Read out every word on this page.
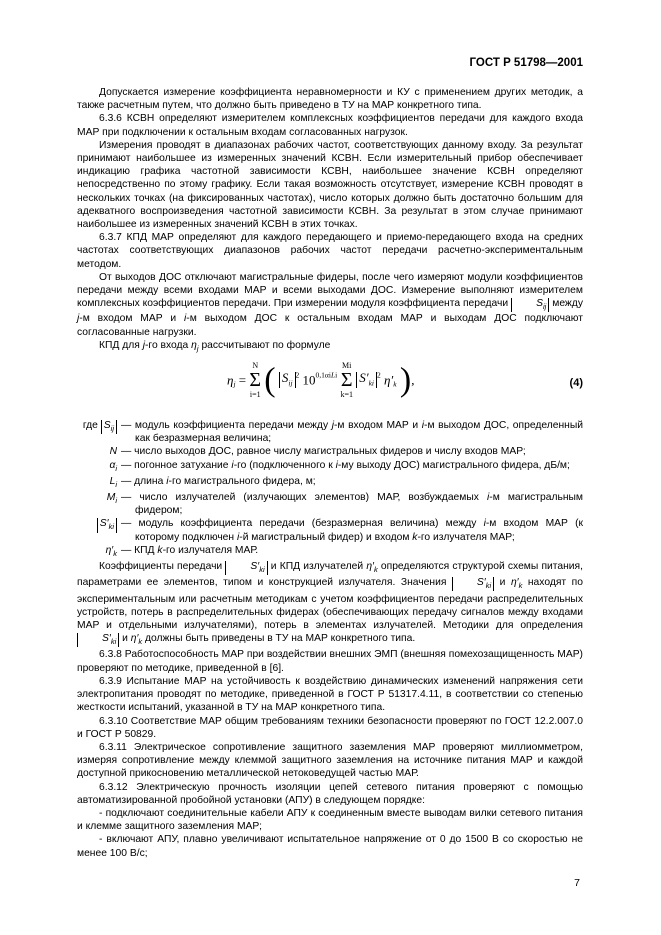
ГОСТ Р 51798—2001

Допускается измерение коэффициента неравномерности и КУ с применением других методик, а также расчетным путем, что должно быть приведено в ТУ на МАР конкретного типа.

6.3.6 КСВН определяют измерителем комплексных коэффициентов передачи для каждого входа МАР при подключении к остальным входам согласованных нагрузок.

Измерения проводят в диапазонах рабочих частот, соответствующих данному входу. За результат принимают наибольшее из измеренных значений КСВН. Если измерительный прибор обеспечивает индикацию графика частотной зависимости КСВН, наибольшее значение КСВН определяют непосредственно по этому графику. Если такая возможность отсутствует, измерение КСВН проводят в нескольких точках (на фиксированных частотах), число которых должно быть достаточно большим для адекватного воспроизведения частотной зависимости КСВН. За результат в этом случае принимают наибольшее из измеренных значений КСВН в этих точках.

6.3.7 КПД МАР определяют для каждого передающего и приемо-передающего входа на средних частотах соответствующих диапазонов рабочих частот передачи расчетно-экспериментальным методом.

От выходов ДОС отключают магистральные фидеры, после чего измеряют модули коэффициентов передачи между всеми входами МАР и всеми выходами ДОС. Измерение выполняют измерителем комплексных коэффициентов передачи. При измерении модуля коэффициента передачи	$S_{ij}$ между j-м входом МАР и i-м выходом ДОС к остальным входам МАР и выходам ДОС подключают согласованные нагрузки.

КПД для j-го входа $\eta_j$ рассчитывают по формуле

$\eta_j = N$
Σ
i=1 ( $S_{ij}^2$ $10^{0,1\alpha iLi}$ Mi
Σ
k=1 $S'_{ki}^2$ $\eta'_k$ ),	(4)
где $S_{ij}$ — модуль коэффициента передачи между j-м входом МАР и i-м выходом ДОС, определенный как безразмерная величина;
N — число выходов ДОС, равное числу магистральных фидеров и числу входов МАР;
$\alpha_i$ — погонное затухание i-го (подключенного к i-му выходу ДОС) магистрального фидера, дБ/м;
$L_i$ — длина i-го магистрального фидера, м;
$M_i$ — число излучателей (излучающих элементов) МАР, возбуждаемых i-м магистральным фидером;
$S'_{ki}$ — модуль коэффициента передачи (безразмерная величина) между i-м входом МАР (к которому подключен i-й магистральный фидер) и входом k-го излучателя МАР;
$\eta'_k$ — КПД k-го излучателя МАР.

Коэффициенты передачи	$S'_{ki}$ и КПД излучателей $\eta'_k$ определяются структурой схемы питания, параметрами ее элементов, типом и конструкцией излучателя. Значения	$S'_{ki}$ и $\eta'_k$ находят по экспериментальным или расчетным методикам с учетом коэффициентов передачи распределительных устройств, потерь в распределительных фидерах (обеспечивающих передачу сигналов между входами МАР и отдельными излучателями), потерь в элементах излучателей. Методики для определения $S'_{ki}$ и $\eta'_k$ должны быть приведены в ТУ на МАР конкретного типа.

6.3.8 Работоспособность МАР при воздействии внешних ЭМП (внешняя помехозащищенность МАР) проверяют по методике, приведенной в [6].

6.3.9 Испытание МАР на устойчивость к воздействию динамических изменений напряжения сети электропитания проводят по методике, приведенной в ГОСТ Р 51317.4.11, в соответствии со степенью жесткости испытаний, указанной в ТУ на МАР конкретного типа.

6.3.10 Соответствие МАР общим требованиям техники безопасности проверяют по ГОСТ 12.2.007.0 и ГОСТ Р 50829.

6.3.11 Электрическое сопротивление защитного заземления МАР проверяют миллиомметром, измеряя сопротивление между клеммой защитного заземления на источнике питания МАР и каждой доступной прикосновению металлической нетоковедущей частью МАР.

6.3.12 Электрическую прочность изоляции цепей сетевого питания проверяют с помощью автоматизированной пробойной установки (АПУ) в следующем порядке:

- подключают соединительные кабели АПУ к соединенным вместе выводам вилки сетевого питания и клемме защитного заземления МАР;

- включают АПУ, плавно увеличивают испытательное напряжение от 0 до 1500 В со скоростью не менее 100 В/с;

7
